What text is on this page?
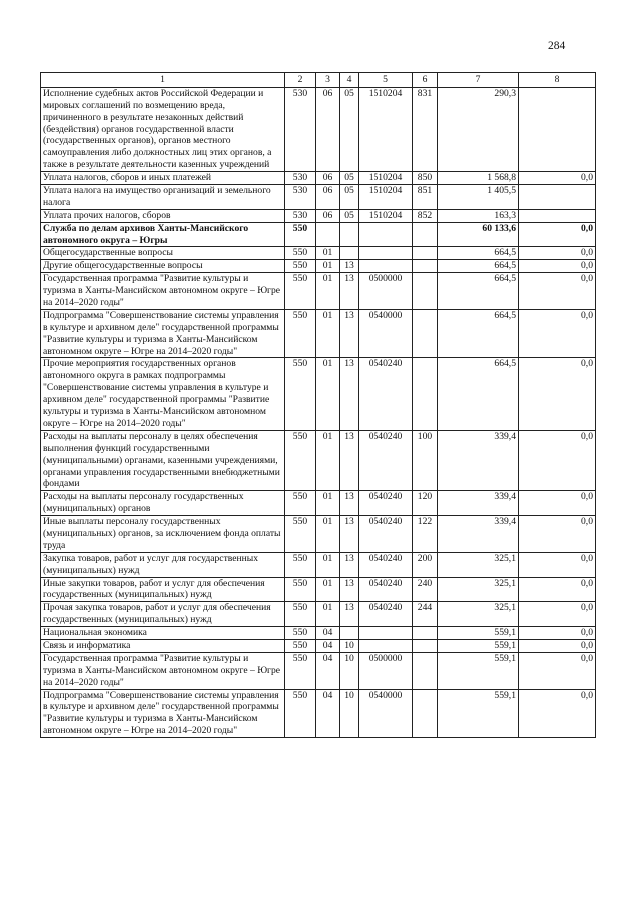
284
1	2	3	4	5	6	7	8
Исполнение судебных актов Российской Федерации и мировых соглашений по возмещению вреда, причиненного в результате незаконных действий (бездействия) органов государственной власти (государственных органов), органов местного самоуправления либо должностных лиц этих органов, а также в результате деятельности казенных учреждений	530	06	05	1510204	831	290,3	
Уплата налогов, сборов и иных платежей	530	06	05	1510204	850	1 568,8	0,0
Уплата налога на имущество организаций и земельного налога	530	06	05	1510204	851	1 405,5	
Уплата прочих налогов, сборов	530	06	05	1510204	852	163,3	
Служба по делам архивов Ханты-Мансийского автономного округа – Югры	550					60 133,6	0,0
Общегосударственные вопросы	550	01				664,5	0,0
Другие общегосударственные вопросы	550	01	13			664,5	0,0
Государственная программа "Развитие культуры и туризма в Ханты-Мансийском автономном округе – Югре на 2014–2020 годы"	550	01	13	0500000		664,5	0,0
Подпрограмма "Совершенствование системы управления в культуре и архивном деле" государственной программы "Развитие культуры и туризма в Ханты-Мансийском автономном округе – Югре на 2014–2020 годы"	550	01	13	0540000		664,5	0,0
Прочие мероприятия государственных органов автономного округа в рамках подпрограммы "Совершенствование системы управления в культуре и архивном деле" государственной программы "Развитие культуры и туризма в Ханты-Мансийском автономном округе – Югре на 2014–2020 годы"	550	01	13	0540240		664,5	0,0
Расходы на выплаты персоналу в целях обеспечения выполнения функций государственными (муниципальными) органами, казенными учреждениями, органами управления государственными внебюджетными фондами	550	01	13	0540240	100	339,4	0,0
Расходы на выплаты персоналу государственных (муниципальных) органов	550	01	13	0540240	120	339,4	0,0
Иные выплаты персоналу государственных (муниципальных) органов, за исключением фонда оплаты труда	550	01	13	0540240	122	339,4	0,0
Закупка товаров, работ и услуг для государственных (муниципальных) нужд	550	01	13	0540240	200	325,1	0,0
Иные закупки товаров, работ и услуг для обеспечения государственных (муниципальных) нужд	550	01	13	0540240	240	325,1	0,0
Прочая закупка товаров, работ и услуг для обеспечения государственных (муниципальных) нужд	550	01	13	0540240	244	325,1	0,0
Национальная экономика	550	04				559,1	0,0
Связь и информатика	550	04	10			559,1	0,0
Государственная программа "Развитие культуры и туризма в Ханты-Мансийском автономном округе – Югре на 2014–2020 годы"	550	04	10	0500000		559,1	0,0
Подпрограмма "Совершенствование системы управления в культуре и архивном деле" государственной программы "Развитие культуры и туризма в Ханты-Мансийском автономном округе – Югре на 2014–2020 годы"	550	04	10	0540000		559,1	0,0
